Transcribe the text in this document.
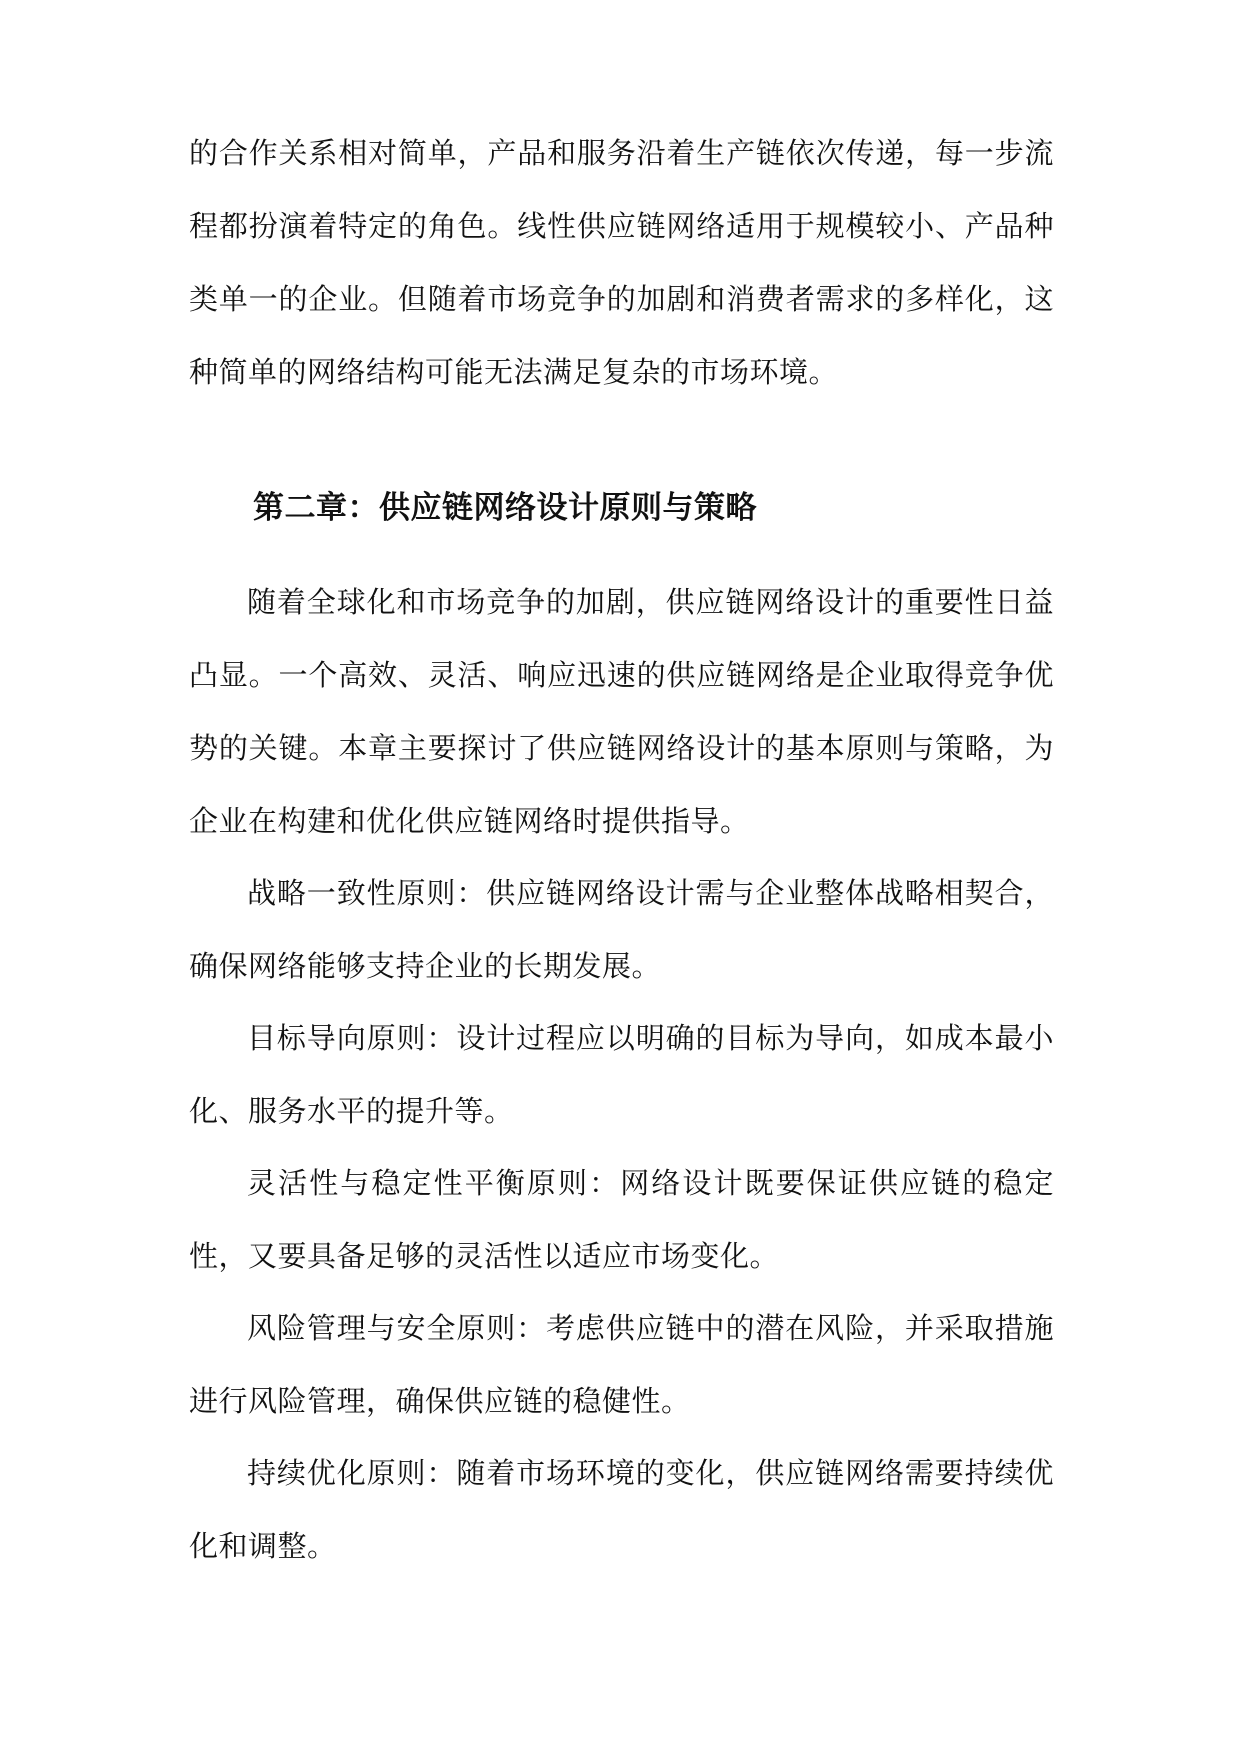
的合作关系相对简单，产品和服务沿着生产链依次传递，每一步流程都扮演着特定的角色。线性供应链网络适用于规模较小、产品种类单一的企业。但随着市场竞争的加剧和消费者需求的多样化，这种简单的网络结构可能无法满足复杂的市场环境。

第二章：供应链网络设计原则与策略

随着全球化和市场竞争的加剧，供应链网络设计的重要性日益凸显。一个高效、灵活、响应迅速的供应链网络是企业取得竞争优势的关键。本章主要探讨了供应链网络设计的基本原则与策略，为企业在构建和优化供应链网络时提供指导。

战略一致性原则：供应链网络设计需与企业整体战略相契合，确保网络能够支持企业的长期发展。

目标导向原则：设计过程应以明确的目标为导向，如成本最小化、服务水平的提升等。

灵活性与稳定性平衡原则：网络设计既要保证供应链的稳定性，又要具备足够的灵活性以适应市场变化。

风险管理与安全原则：考虑供应链中的潜在风险，并采取措施进行风险管理，确保供应链的稳健性。

持续优化原则：随着市场环境的变化，供应链网络需要持续优化和调整。
